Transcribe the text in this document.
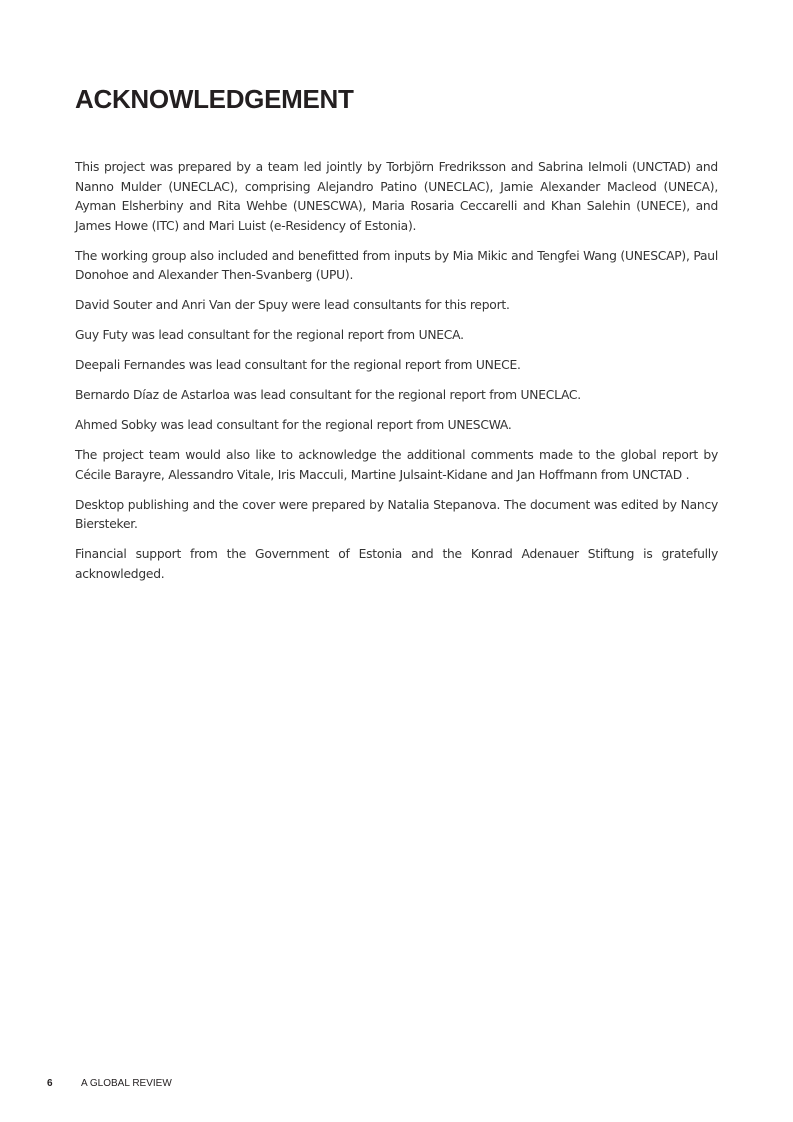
ACKNOWLEDGEMENT

This project was prepared by a team led jointly by Torbjörn Fredriksson and Sabrina Ielmoli (UNCTAD) and Nanno Mulder (UNECLAC), comprising Alejandro Patino (UNECLAC), Jamie Alexander Macleod (UNECA), Ayman Elsherbiny and Rita Wehbe (UNESCWA), Maria Rosaria Ceccarelli and Khan Salehin (UNECE), and James Howe (ITC) and Mari Luist (e-Residency of Estonia).

The working group also included and benefitted from inputs by Mia Mikic and Tengfei Wang (UNESCAP), Paul Donohoe and Alexander Then-Svanberg (UPU).

David Souter and Anri Van der Spuy were lead consultants for this report.

Guy Futy was lead consultant for the regional report from UNECA.

Deepali Fernandes was lead consultant for the regional report from UNECE.

Bernardo Díaz de Astarloa was lead consultant for the regional report from UNECLAC.

Ahmed Sobky was lead consultant for the regional report from UNESCWA.

The project team would also like to acknowledge the additional comments made to the global report by Cécile Barayre, Alessandro Vitale, Iris Macculi, Martine Julsaint-Kidane and Jan Hoffmann from UNCTAD .

Desktop publishing and the cover were prepared by Natalia Stepanova. The document was edited by Nancy Biersteker.

Financial support from the Government of Estonia and the Konrad Adenauer Stiftung is gratefully acknowledged.

6	A GLOBAL REVIEW
